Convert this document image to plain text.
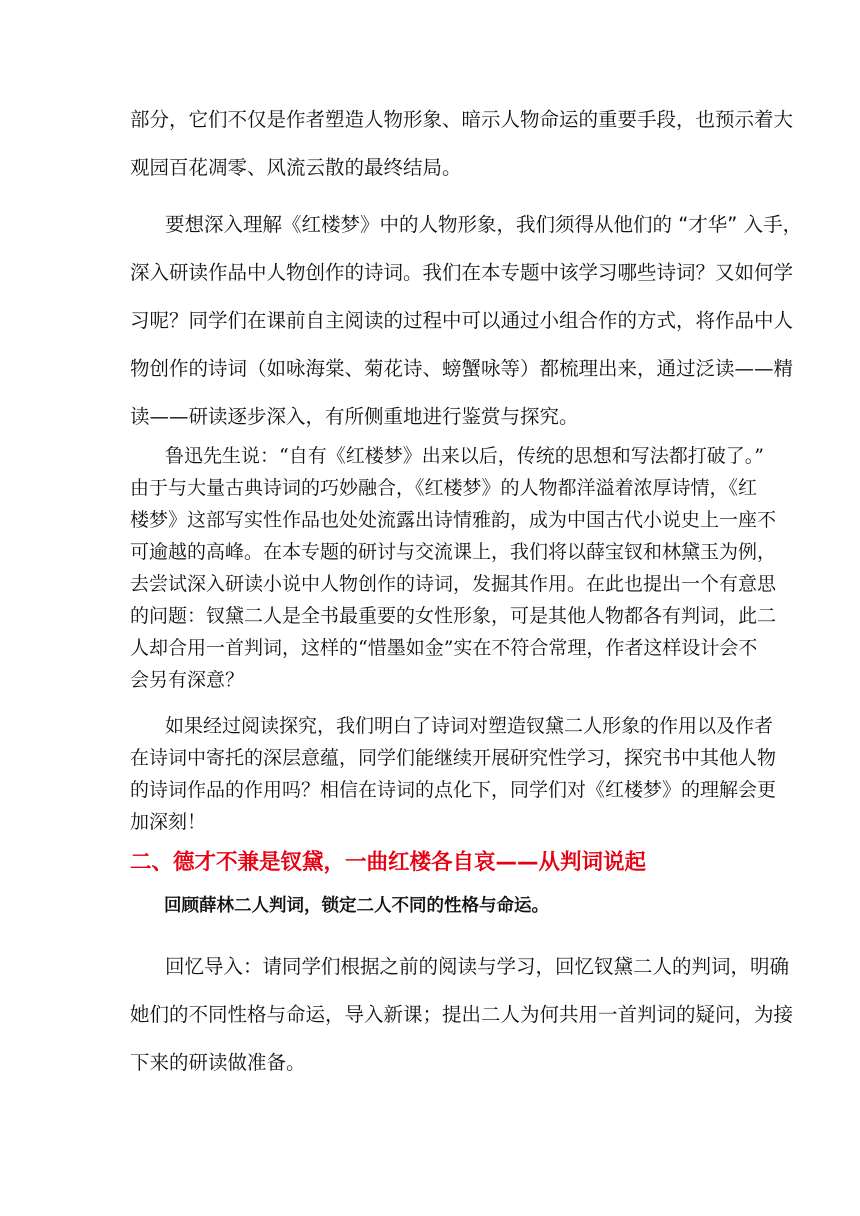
部分，它们不仅是作者塑造人物形象、暗示人物命运的重要手段，也预示着大

观园百花凋零、风流云散的最终结局。

要想深入理解《红楼梦》中的人物形象，我们须得从他们的 “才华” 入手，

深入研读作品中人物创作的诗词。我们在本专题中该学习哪些诗词？又如何学

习呢？同学们在课前自主阅读的过程中可以通过小组合作的方式，将作品中人

物创作的诗词（如咏海棠、菊花诗、螃蟹咏等）都梳理出来，通过泛读——精

读——研读逐步深入，有所侧重地进行鉴赏与探究。

鲁迅先生说：“自有《红楼梦》出来以后，传统的思想和写法都打破了。”

由于与大量古典诗词的巧妙融合，《红楼梦》的人物都洋溢着浓厚诗情，《红

楼梦》这部写实性作品也处处流露出诗情雅韵，成为中国古代小说史上一座不

可逾越的高峰。在本专题的研讨与交流课上，我们将以薛宝钗和林黛玉为例，

去尝试深入研读小说中人物创作的诗词，发掘其作用。在此也提出一个有意思

的问题：钗黛二人是全书最重要的女性形象，可是其他人物都各有判词，此二

人却合用一首判词，这样的“惜墨如金”实在不符合常理，作者这样设计会不

会另有深意？

如果经过阅读探究，我们明白了诗词对塑造钗黛二人形象的作用以及作者

在诗词中寄托的深层意蕴，同学们能继续开展研究性学习，探究书中其他人物

的诗词作品的作用吗？相信在诗词的点化下，同学们对《红楼梦》的理解会更

加深刻！

二、德才不兼是钗黛，一曲红楼各自哀——从判词说起
回顾薛林二人判词，锁定二人不同的性格与命运。

回忆导入：请同学们根据之前的阅读与学习，回忆钗黛二人的判词，明确

她们的不同性格与命运，导入新课；提出二人为何共用一首判词的疑问，为接

下来的研读做准备。
